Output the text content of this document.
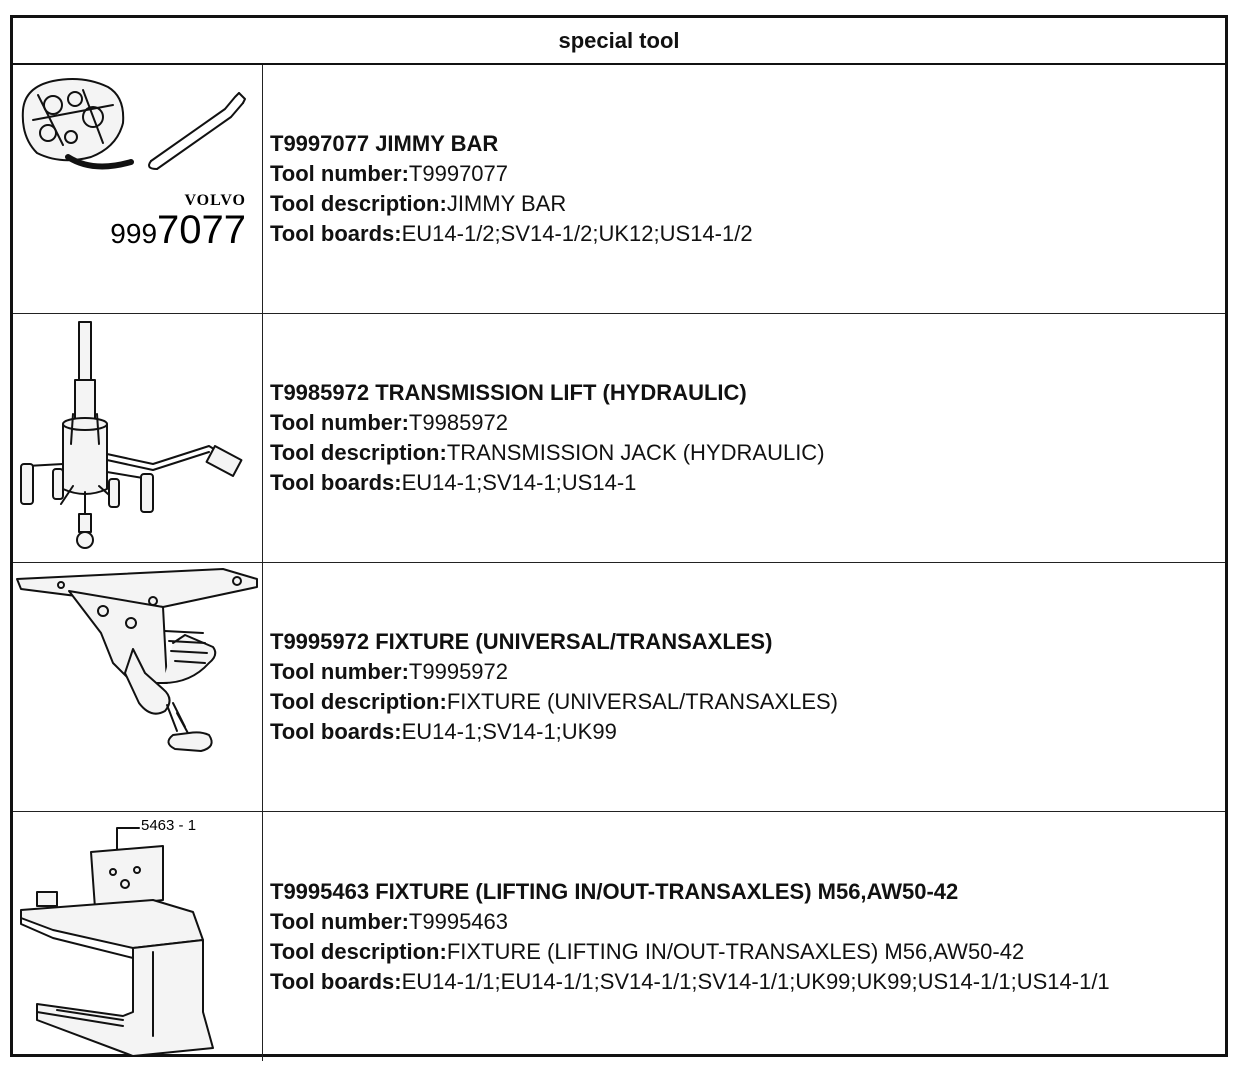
special tool
VOLVO
9997077
T9997077 JIMMY BAR
Tool number:T9997077
Tool description:JIMMY BAR
Tool boards:EU14-1/2;SV14-1/2;UK12;US14-1/2
T9985972 TRANSMISSION LIFT (HYDRAULIC)
Tool number:T9985972
Tool description:TRANSMISSION JACK (HYDRAULIC)
Tool boards:EU14-1;SV14-1;US14-1
T9995972 FIXTURE (UNIVERSAL/TRANSAXLES)
Tool number:T9995972
Tool description:FIXTURE (UNIVERSAL/TRANSAXLES)
Tool boards:EU14-1;SV14-1;UK99
5463 - 1
T9995463 FIXTURE (LIFTING IN/OUT-TRANSAXLES) M56,AW50-42
Tool number:T9995463
Tool description:FIXTURE (LIFTING IN/OUT-TRANSAXLES) M56,AW50-42
Tool boards:EU14-1/1;EU14-1/1;SV14-1/1;SV14-1/1;UK99;UK99;US14-1/1;US14-1/1
